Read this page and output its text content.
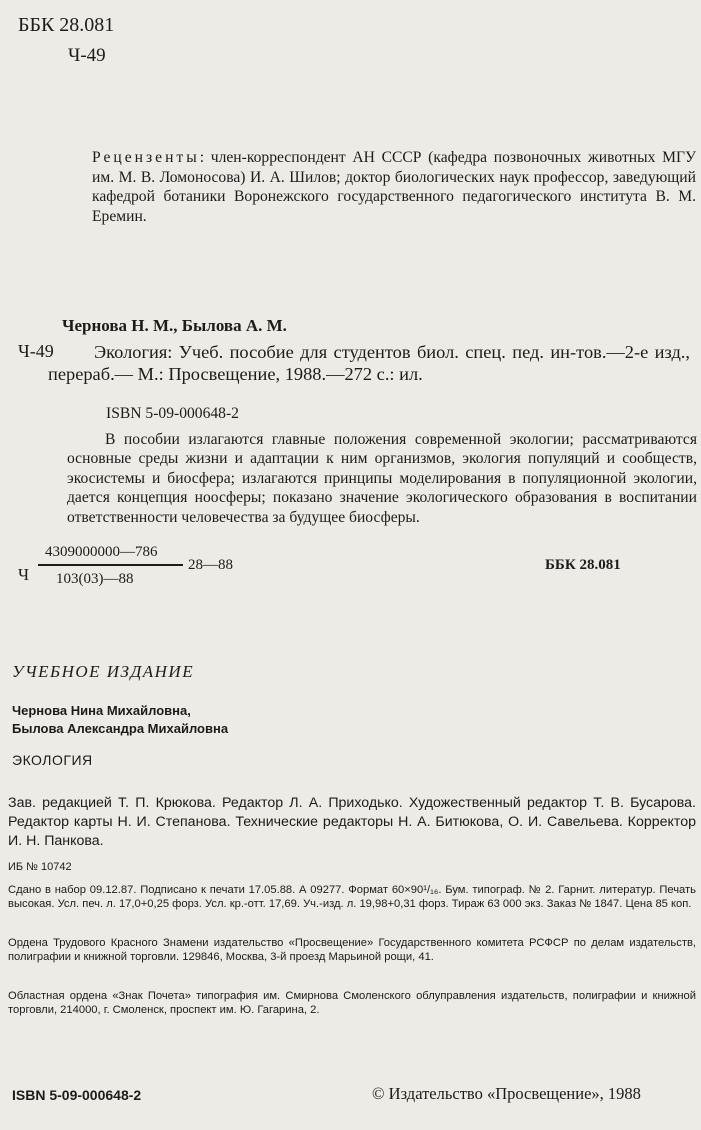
ББК 28.081

Ч-49

Рецензенты: член-корреспондент АН СССР (кафедра позвоночных животных МГУ им. М. В. Ломоносова) И. А. Шилов; доктор биологических наук профессор, заведующий кафедрой ботаники Воронежского государственного педагогического института В. М. Еремин.

Чернова Н. М., Былова А. М.

Ч-49	Экология: Учеб. пособие для студентов биол. спец. пед. ин-тов.—2-е изд., перераб.— М.: Просвещение, 1988.—272 с.: ил.

ISBN 5-09-000648-2

В пособии излагаются главные положения современной экологии; рассматриваются основные среды жизни и адаптации к ним организмов, экология популяций и сообществ, экосистемы и биосфера; излагаются принципы моделирования в популяционной экологии, дается концепция ноосферы; показано значение экологического образования в воспитании ответственности человечества за будущее биосферы.

Ч

4309000000—786

103(03)—88

28—88	ББК 28.081

УЧЕБНОЕ ИЗДАНИЕ

Чернова Нина Михайловна,
Былова Александра Михайловна

ЭКОЛОГИЯ

Зав. редакцией Т. П. Крюкова. Редактор Л. А. Приходько. Художественный редактор Т. В. Бусарова. Редактор карты Н. И. Степанова. Технические редакторы Н. А. Битюкова, О. И. Савельева. Корректор И. Н. Панкова.

ИБ № 10742

Сдано в набор 09.12.87. Подписано к печати 17.05.88. А 09277. Формат 60×90¹/₁₆. Бум. типограф. № 2. Гарнит. литератур. Печать высокая. Усл. печ. л. 17,0+0,25 форз. Усл. кр.-отт. 17,69. Уч.-изд. л. 19,98+0,31 форз. Тираж 63 000 экз. Заказ № 1847. Цена 85 коп.

Ордена Трудового Красного Знамени издательство «Просвещение» Государственного комитета РСФСР по делам издательств, полиграфии и книжной торговли. 129846, Москва, 3-й проезд Марьиной рощи, 41.

Областная ордена «Знак Почета» типография им. Смирнова Смоленского облуправления издательств, полиграфии и книжной торговли, 214000, г. Смоленск, проспект им. Ю. Гагарина, 2.

ISBN 5-09-000648-2	© Издательство «Просвещение», 1988
